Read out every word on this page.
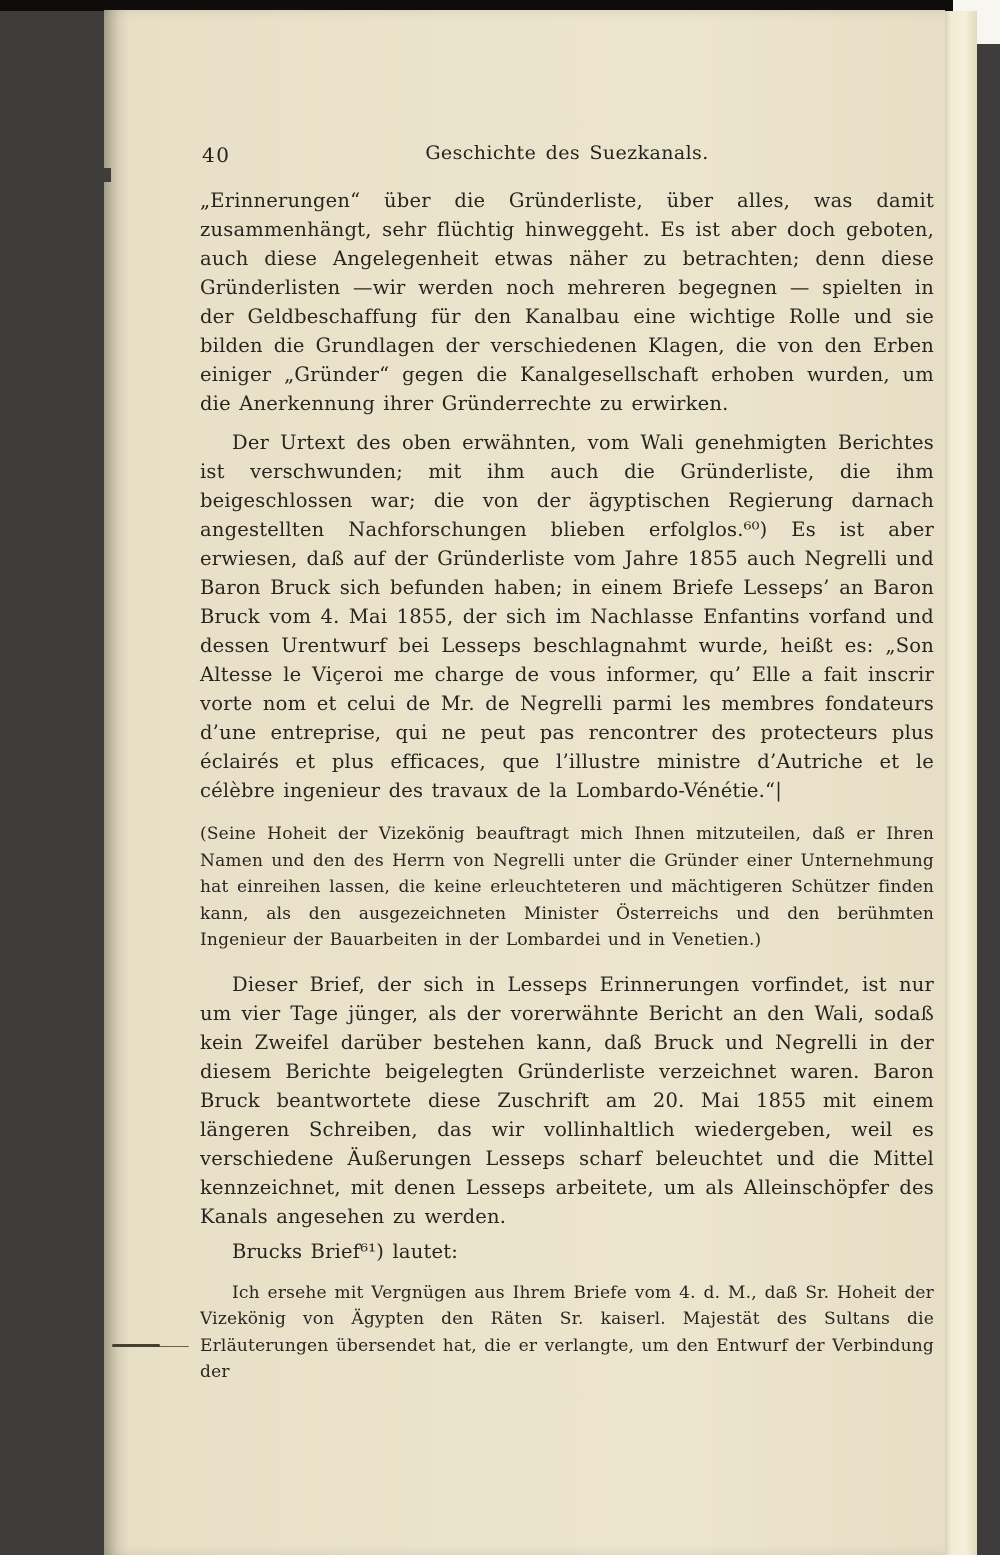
40	Geschichte des Suezkanals.

„Erinnerungen“ über die Gründerliste, über alles, was damit zusammenhängt, sehr flüchtig hinweggeht. Es ist aber doch geboten, auch diese Angelegenheit etwas näher zu betrachten; denn diese Gründerlisten —wir werden noch mehreren begegnen — spielten in der Geldbeschaffung für den Kanalbau eine wichtige Rolle und sie bilden die Grundlagen der verschiedenen Klagen, die von den Erben einiger „Gründer“ gegen die Kanalgesellschaft erhoben wurden, um die Anerkennung ihrer Gründerrechte zu erwirken.

Der Urtext des oben erwähnten, vom Wali genehmigten Berichtes ist verschwunden; mit ihm auch die Gründerliste, die ihm beigeschlossen war; die von der ägyptischen Regierung darnach angestellten Nachforschungen blieben erfolglos.⁶⁰) Es ist aber erwiesen, daß auf der Gründerliste vom Jahre 1855 auch Negrelli und Baron Bruck sich befunden haben; in einem Briefe Lesseps’ an Baron Bruck vom 4. Mai 1855, der sich im Nachlasse Enfantins vorfand und dessen Urentwurf bei Lesseps beschlagnahmt wurde, heißt es: „Son Altesse le Viçeroi me charge de vous informer, qu’ Elle a fait inscrir vorte nom et celui de Mr. de Negrelli parmi les membres fondateurs d’une entreprise, qui ne peut pas rencontrer des protecteurs plus éclairés et plus efficaces, que l’illustre ministre d’Autriche et le célèbre ingenieur des travaux de la Lombardo-Vénétie.“|

(Seine Hoheit der Vizekönig beauftragt mich Ihnen mitzuteilen, daß er Ihren Namen und den des Herrn von Negrelli unter die Gründer einer Unternehmung hat einreihen lassen, die keine erleuchteteren und mächtigeren Schützer finden kann, als den ausgezeichneten Minister Österreichs und den berühmten Ingenieur der Bauarbeiten in der Lombardei und in Venetien.)

Dieser Brief, der sich in Lesseps Erinnerungen vorfindet, ist nur um vier Tage jünger, als der vorerwähnte Bericht an den Wali, sodaß kein Zweifel darüber bestehen kann, daß Bruck und Negrelli in der diesem Berichte beigelegten Gründerliste verzeichnet waren. Baron Bruck beantwortete diese Zuschrift am 20. Mai 1855 mit einem längeren Schreiben, das wir vollinhaltlich wiedergeben, weil es verschiedene Äußerungen Lesseps scharf beleuchtet und die Mittel kennzeichnet, mit denen Lesseps arbeitete, um als Alleinschöpfer des Kanals angesehen zu werden.

Brucks Brief⁶¹) lautet:

Ich ersehe mit Vergnügen aus Ihrem Briefe vom 4. d. M., daß Sr. Hoheit der Vizekönig von Ägypten den Räten Sr. kaiserl. Majestät des Sultans die Erläuterungen übersendet hat, die er verlangte, um den Entwurf der Verbindung der
